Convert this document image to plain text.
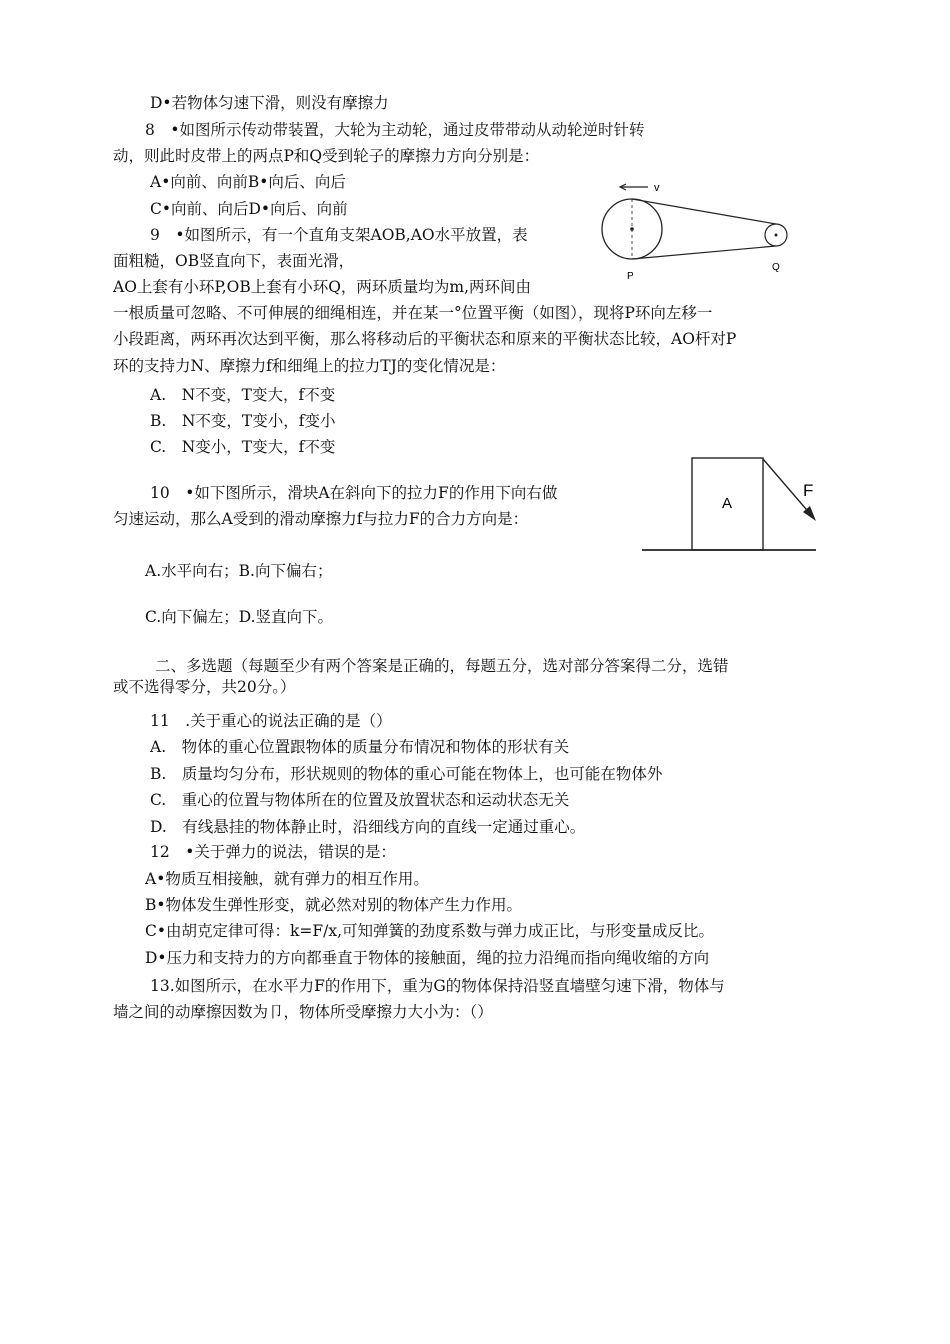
D•若物体匀速下滑，则没有摩擦力
8　•如图所示传动带装置，大轮为主动轮，通过皮带带动从动轮逆时针转
动，则此时皮带上的两点P和Q受到轮子的摩擦力方向分别是：
A•向前、向前B•向后、向后
C•向前、向后D•向后、向前
v
P
Q
9　•如图所示，有一个直角支架AOB,AO水平放置，表
面粗糙，OB竖直向下，表面光滑，
AO上套有小环P,OB上套有小环Q，两环质量均为m,两环间由
一根质量可忽略、不可伸展的细绳相连，并在某一°位置平衡（如图），现将P环向左移一
小段距离，两环再次达到平衡，那么将移动后的平衡状态和原来的平衡状态比较，AO杆对P
环的支持力N、摩擦力f和细绳上的拉力TJ的变化情况是：
A.　N不变，T变大，f不变
B.　N不变，T变小，f变小
C.　N变小，T变大，f不变
10　•如下图所示，滑块A在斜向下的拉力F的作用下向右做
匀速运动，那么A受到的滑动摩擦力f与拉力F的合力方向是：
A
F
A.水平向右；B.向下偏右；
C.向下偏左；D.竖直向下。
二、多选题（每题至少有两个答案是正确的，每题五分，选对部分答案得二分，选错
或不选得零分，共20分。）
11　.关于重心的说法正确的是（）
A.　物体的重心位置跟物体的质量分布情况和物体的形状有关
B.　质量均匀分布，形状规则的物体的重心可能在物体上，也可能在物体外
C.　重心的位置与物体所在的位置及放置状态和运动状态无关
D.　有线悬挂的物体静止时，沿细线方向的直线一定通过重心。
12　•关于弹力的说法，错误的是：
A•物质互相接触，就有弹力的相互作用。
B•物体发生弹性形变，就必然对别的物体产生力作用。
C•由胡克定律可得：k=F/x,可知弹簧的劲度系数与弹力成正比，与形变量成反比。
D•压力和支持力的方向都垂直于物体的接触面，绳的拉力沿绳而指向绳收缩的方向
13.如图所示，在水平力F的作用下，重为G的物体保持沿竖直墙壁匀速下滑，物体与
墙之间的动摩擦因数为卩，物体所受摩擦力大小为：（）
